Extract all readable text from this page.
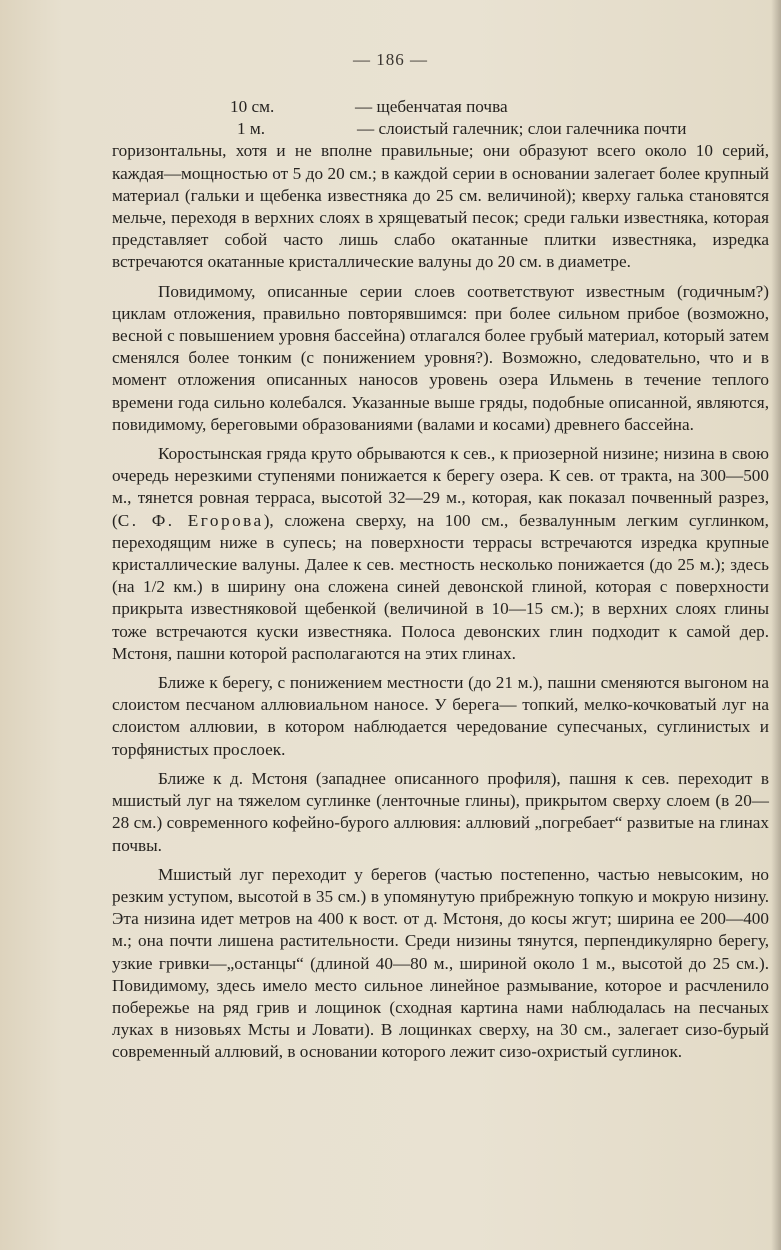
— 186 —
10 см.	— щебенчатая почва
1 м.	— слоистый галечник; слои галечника почти

горизонтальны, хотя и не вполне правильные; они образуют всего около 10 серий, каждая—мощностью от 5 до 20 см.; в каждой серии в основании залегает более крупный материал (гальки и щебенка известняка до 25 см. величиной); кверху галька становятся мельче, переходя в верхних слоях в хрящеватый песок; среди гальки известняка, которая представляет собой часто лишь слабо окатанные плитки известняка, изредка встречаются окатанные кристаллические валуны до 20 см. в диаметре.

Повидимому, описанные серии слоев соответствуют известным (годичным?) циклам отложения, правильно повторявшимся: при более сильном прибое (возможно, весной с повышением уровня бассейна) отлагался более грубый материал, который затем сменялся более тонким (с понижением уровня?). Возможно, следовательно, что и в момент отложения описанных наносов уровень озера Ильмень в течение теплого времени года сильно колебался. Указанные выше гряды, подобные описанной, являются, повидимому, береговыми образованиями (валами и косами) древнего бассейна.

Коростынская гряда круто обрываются к сев., к приозерной низине; низина в свою очередь нерезкими ступенями понижается к берегу озера. К сев. от тракта, на 300—500 м., тянется ровная терраса, высотой 32—29 м., которая, как показал почвенный разрез, (С. Ф. Егорова), сложена сверху, на 100 см., безвалунным легким суглинком, переходящим ниже в супесь; на поверхности террасы встречаются изредка крупные кристаллические валуны. Далее к сев. местность несколько понижается (до 25 м.); здесь (на 1/2 км.) в ширину она сложена синей девонской глиной, которая с поверхности прикрыта известняковой щебенкой (величиной в 10—15 см.); в верхних слоях глины тоже встречаются куски известняка. Полоса девонских глин подходит к самой дер. Мстоня, пашни которой располагаются на этих глинах.

Ближе к берегу, с понижением местности (до 21 м.), пашни сменяются выгоном на слоистом песчаном аллювиальном наносе. У берега— топкий, мелко-кочковатый луг на слоистом аллювии, в котором наблюдается чередование супесчаных, суглинистых и торфянистых прослоек.

Ближе к д. Мстоня (западнее описанного профиля), пашня к сев. переходит в мшистый луг на тяжелом суглинке (ленточные глины), прикрытом сверху слоем (в 20—28 см.) современного кофейно-бурого аллювия: аллювий „погребает“ развитые на глинах почвы.

Мшистый луг переходит у берегов (частью постепенно, частью невысоким, но резким уступом, высотой в 35 см.) в упомянутую прибрежную топкую и мокрую низину. Эта низина идет метров на 400 к вост. от д. Мстоня, до косы жгут; ширина ее 200—400 м.; она почти лишена растительности. Среди низины тянутся, перпендикулярно берегу, узкие гривки—„останцы“ (длиной 40—80 м., шириной около 1 м., высотой до 25 см.). Повидимому, здесь имело место сильное линейное размывание, которое и расчленило побережье на ряд грив и лощинок (сходная картина нами наблюдалась на песчаных луках в низовьях Мсты и Ловати). В лощинках сверху, на 30 см., залегает сизо-бурый современный аллювий, в основании которого лежит сизо-охристый суглинок.
